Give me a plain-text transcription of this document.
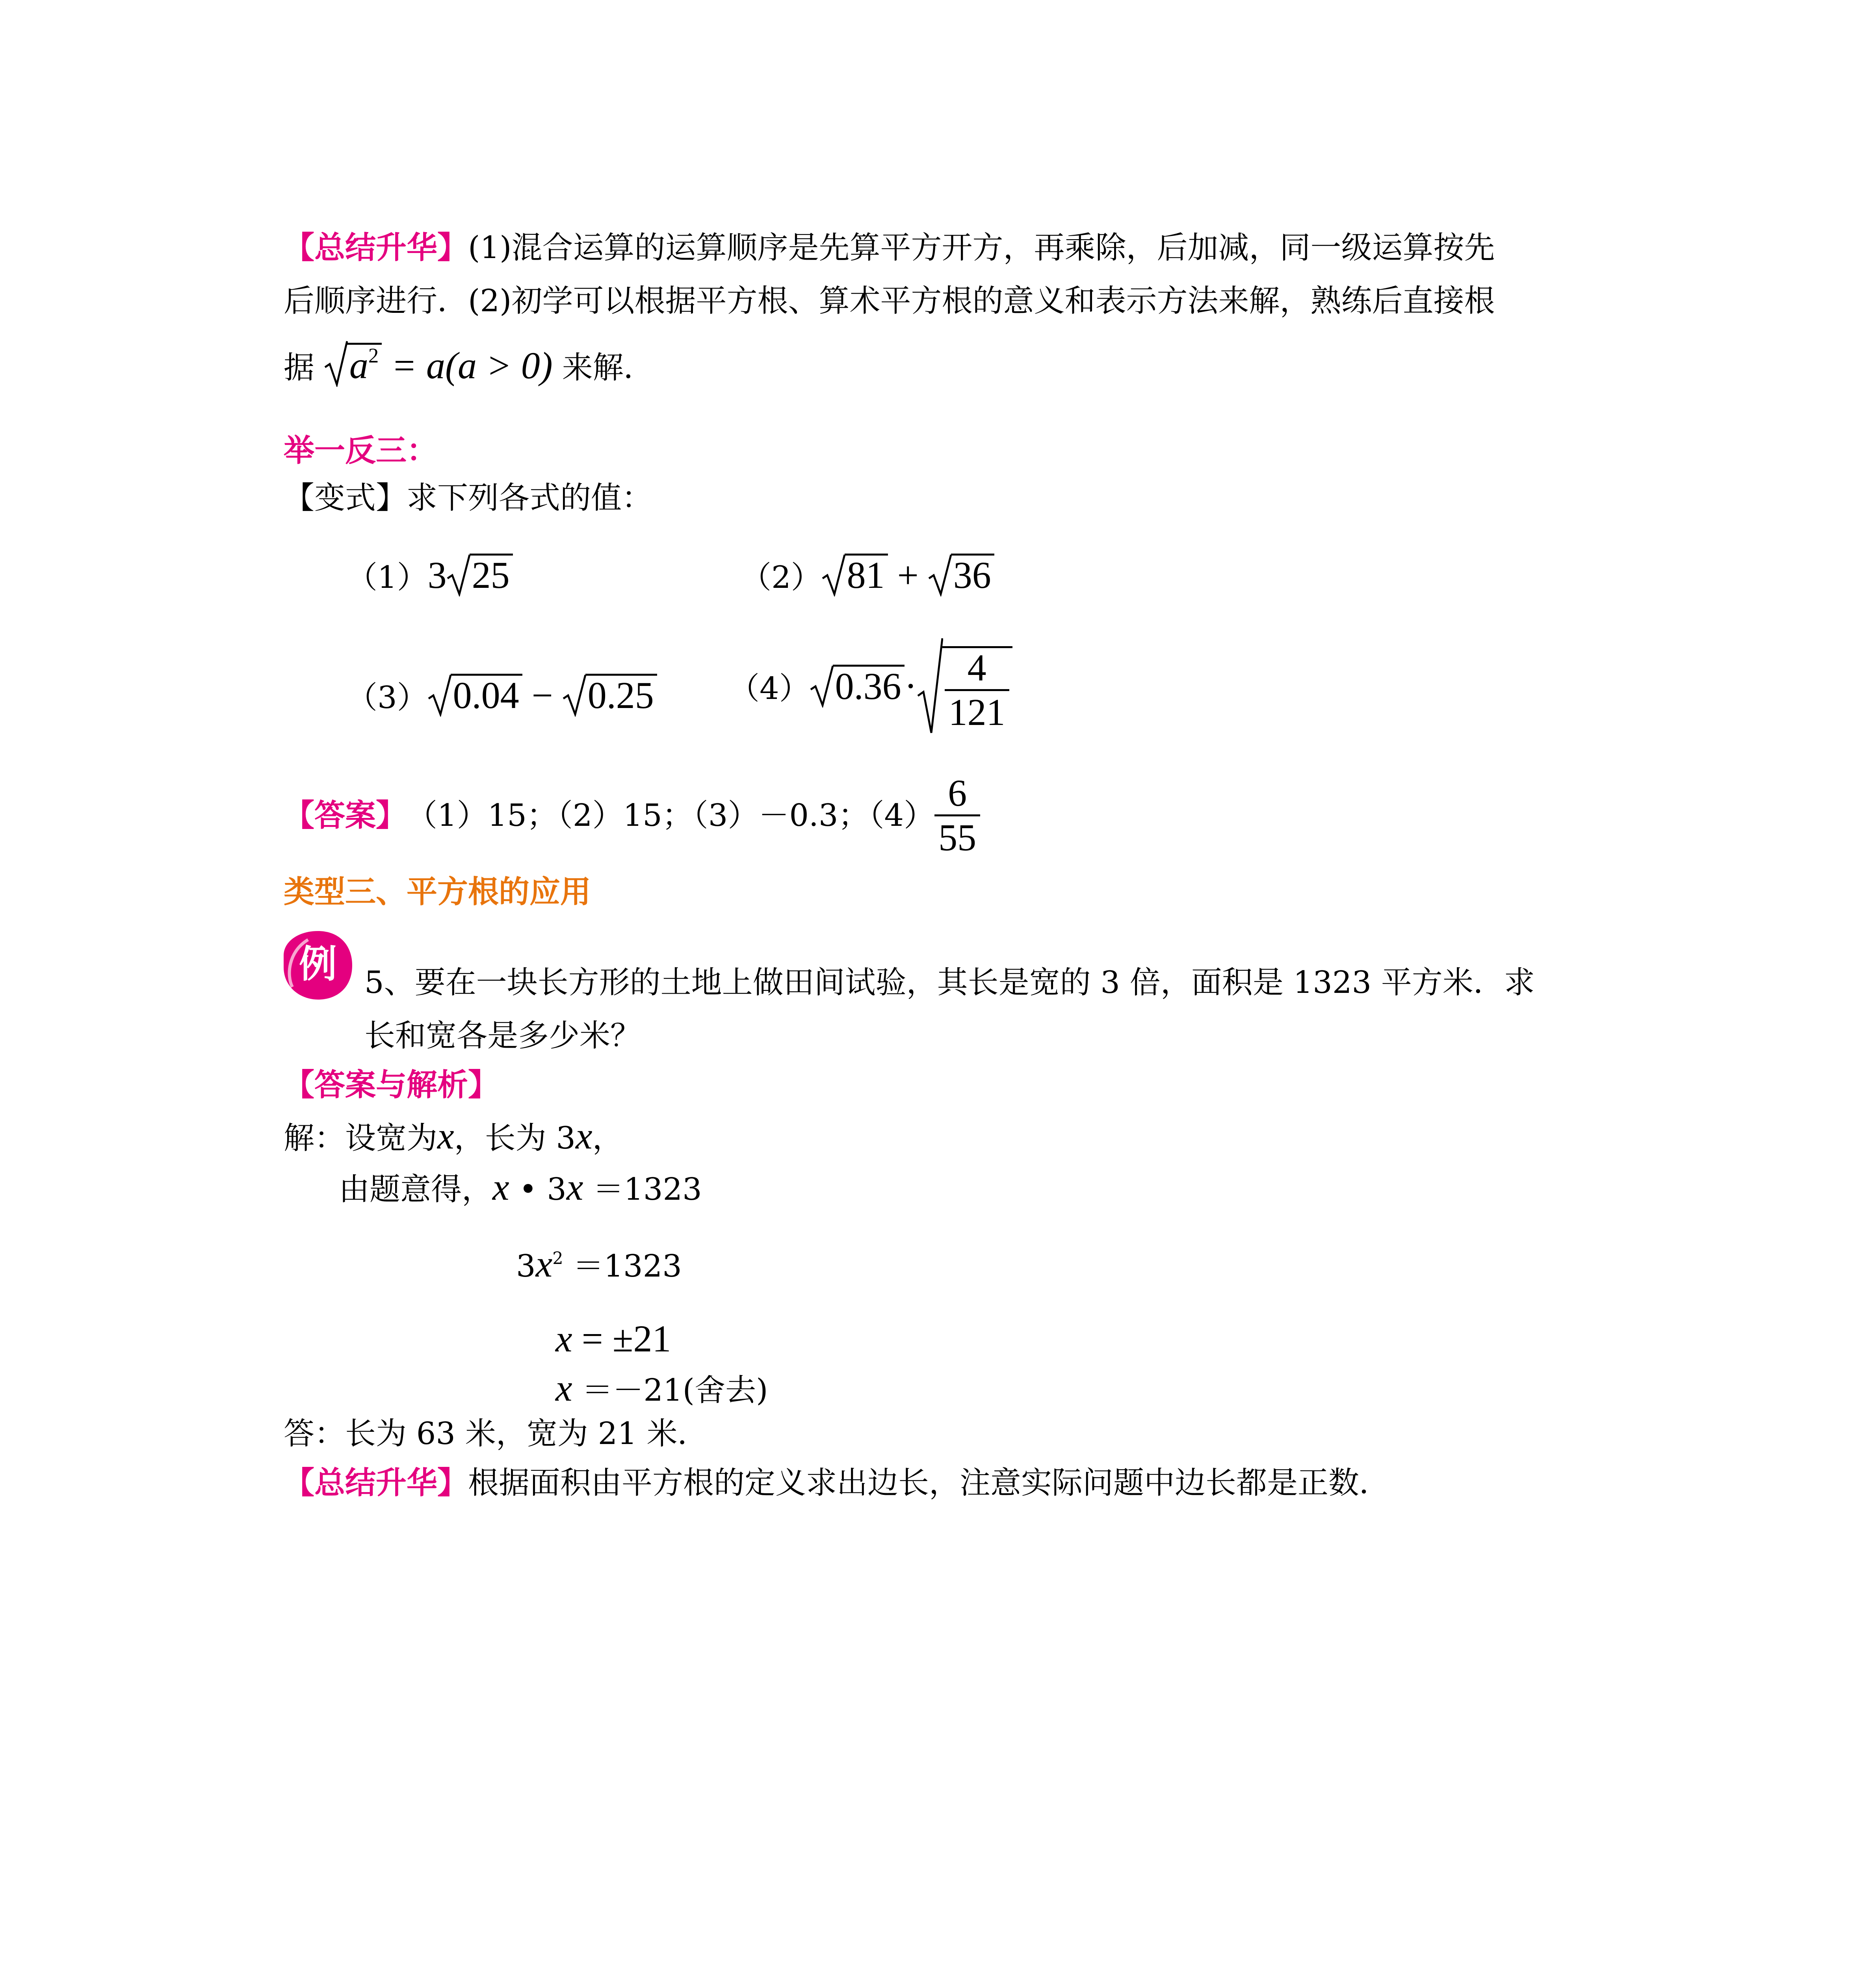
【总结升华】(1)混合运算的运算顺序是先算平方开方，再乘除，后加减，同一级运算按先
后顺序进行．(2)初学可以根据平方根、算术平方根的意义和表示方法来解，熟练后直接根
据 $a^2 = a(a > 0)$ 来解．
举一反三：
【变式】求下列各式的值：
（1）3 25	（2） 81 +
36
（3） 0.04 −
0.25 （4） $0.36\cdot \frac{4}{121}$
【答案】（1）15；（2）15；（3）－0.3；$(4) \frac{6}{55}$
类型三、平方根的应用
例 5、要在一块长方形的土地上做田间试验，其长是宽的 3 倍，面积是 1323 平方米．求
长和宽各是多少米？
【答案与解析】
解：设宽为x，长为 3x，
由题意得，x • 3x ＝1323
$3x^2 =1323$
x = ±21
x ＝－21(舍去)
答：长为 63 米，宽为 21 米．
【总结升华】根据面积由平方根的定义求出边长，注意实际问题中边长都是正数．
